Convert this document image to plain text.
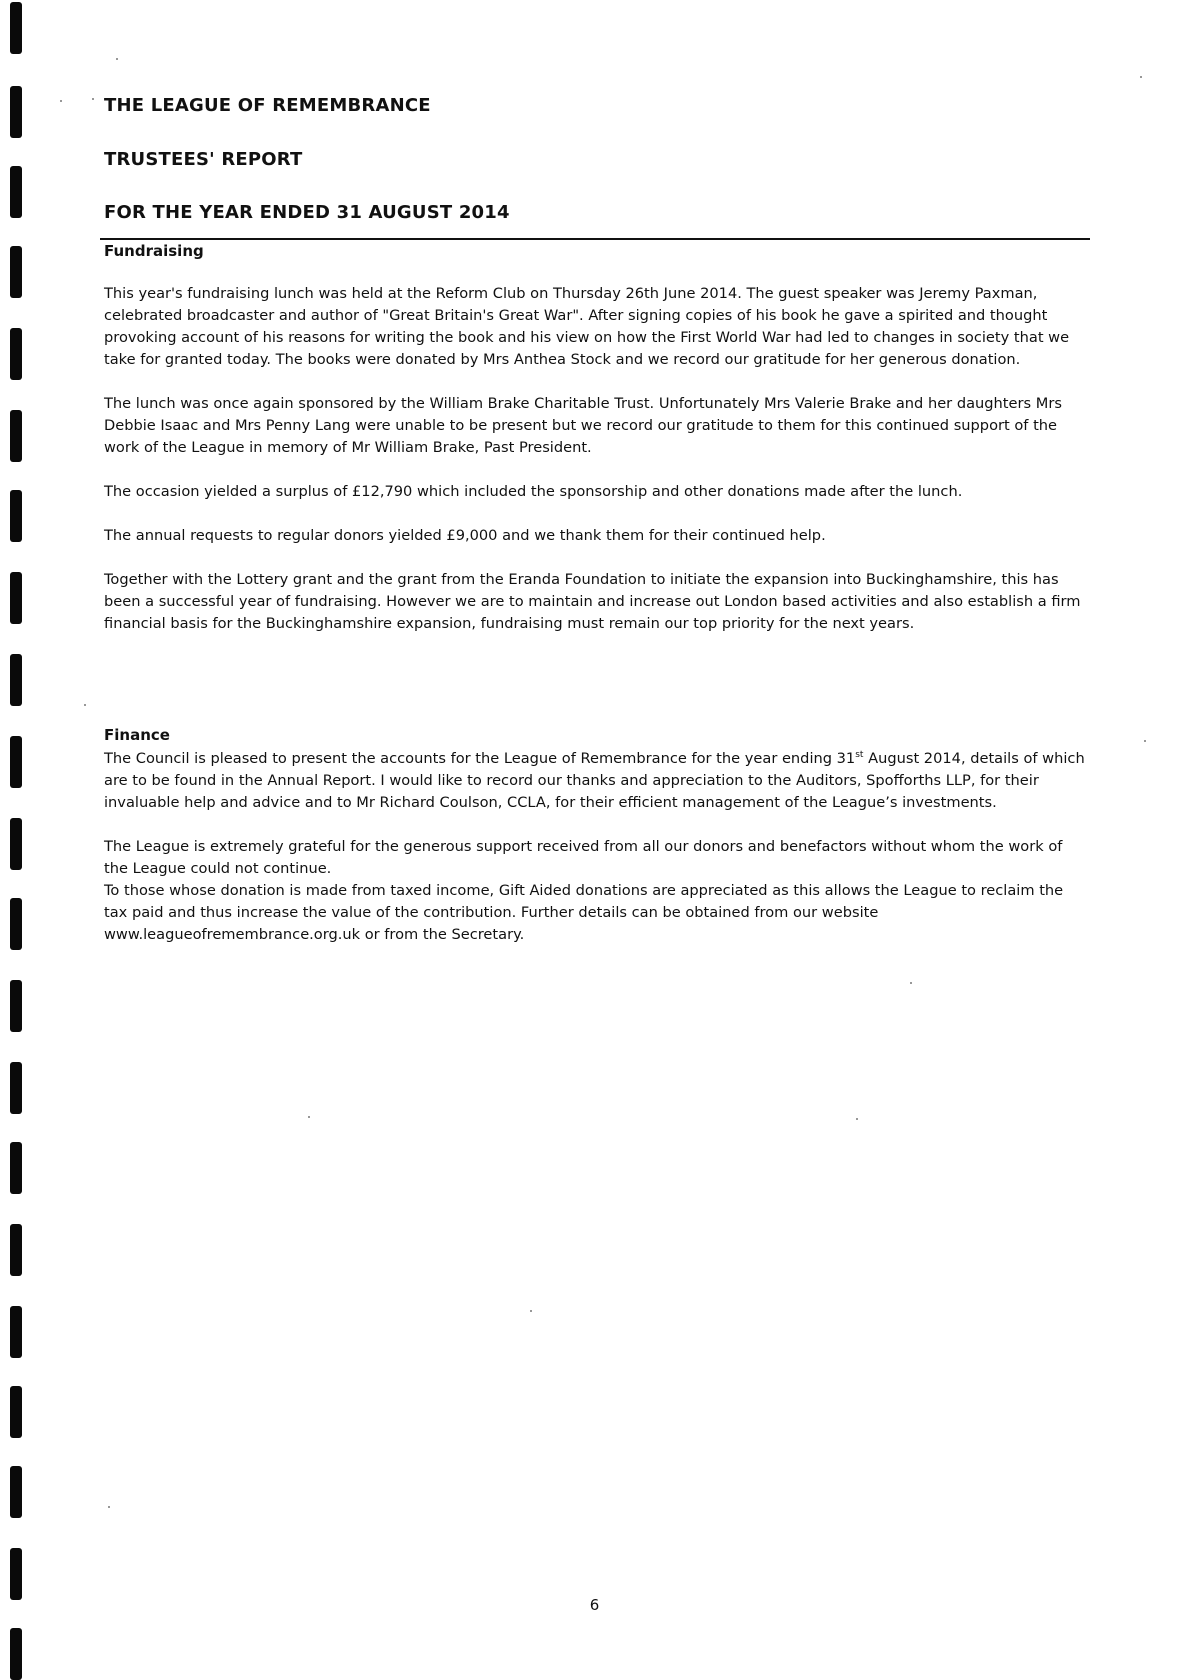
THE LEAGUE OF REMEMBRANCE

TRUSTEES' REPORT

FOR THE YEAR ENDED 31 AUGUST 2014

Fundraising

This year's fundraising lunch was held at the Reform Club on Thursday 26th June 2014. The guest speaker was Jeremy Paxman, celebrated broadcaster and author of "Great Britain's Great War". After signing copies of his book he gave a spirited and thought provoking account of his reasons for writing the book and his view on how the First World War had led to changes in society that we take for granted today. The books were donated by Mrs Anthea Stock and we record our gratitude for her generous donation.

The lunch was once again sponsored by the William Brake Charitable Trust. Unfortunately Mrs Valerie Brake and her daughters Mrs Debbie Isaac and Mrs Penny Lang were unable to be present but we record our gratitude to them for this continued support of the work of the League in memory of Mr William Brake, Past President.

The occasion yielded a surplus of £12,790 which included the sponsorship and other donations made after the lunch.

The annual requests to regular donors yielded £9,000 and we thank them for their continued help.

Together with the Lottery grant and the grant from the Eranda Foundation to initiate the expansion into Buckinghamshire, this has been a successful year of fundraising. However we are to maintain and increase out London based activities and also establish a firm financial basis for the Buckinghamshire expansion, fundraising must remain our top priority for the next years.

Finance

The Council is pleased to present the accounts for the League of Remembrance for the year ending 31st August 2014, details of which are to be found in the Annual Report. I would like to record our thanks and appreciation to the Auditors, Spofforths LLP, for their invaluable help and advice and to Mr Richard Coulson, CCLA, for their efficient management of the League’s investments.

The League is extremely grateful for the generous support received from all our donors and benefactors without whom the work of the League could not continue.

To those whose donation is made from taxed income, Gift Aided donations are appreciated as this allows the League to reclaim the tax paid and thus increase the value of the contribution. Further details can be obtained from our website www.leagueofremembrance.org.uk or from the Secretary.

6
